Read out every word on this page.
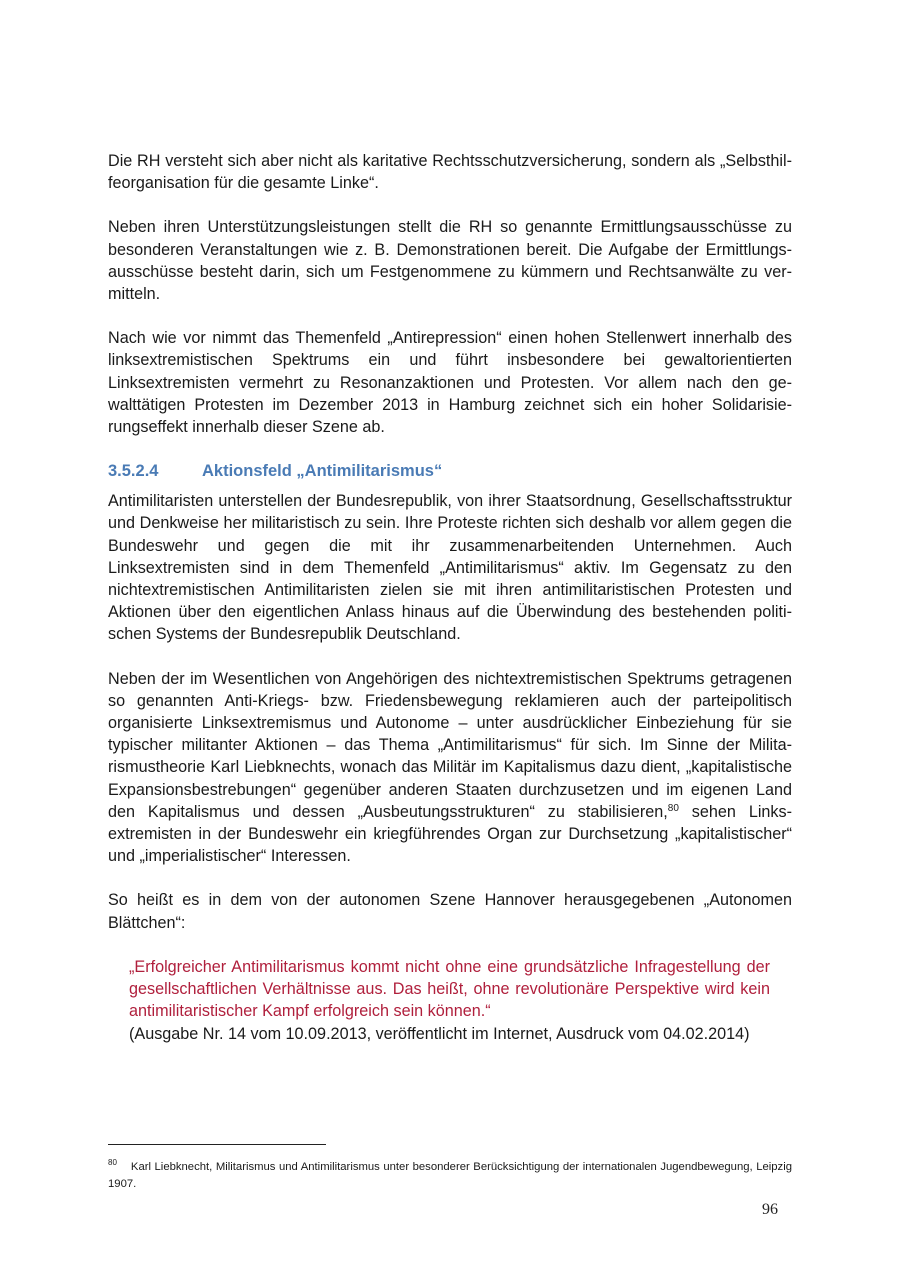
Die RH versteht sich aber nicht als karitative Rechtsschutzversicherung, sondern als „Selbsthilfeorganisation für die gesamte Linke“.

Neben ihren Unterstützungsleistungen stellt die RH so genannte Ermittlungsausschüsse zu besonderen Veranstaltungen wie z. B. Demonstrationen bereit. Die Aufgabe der Ermittlungsausschüsse besteht darin, sich um Festgenommene zu kümmern und Rechtsanwälte zu vermitteln.

Nach wie vor nimmt das Themenfeld „Antirepression“ einen hohen Stellenwert innerhalb des linksextremistischen Spektrums ein und führt insbesondere bei gewaltorientierten Linksextremisten vermehrt zu Resonanzaktionen und Protesten. Vor allem nach den gewalttätigen Protesten im Dezember 2013 in Hamburg zeichnet sich ein hoher Solidarisierungseffekt innerhalb dieser Szene ab.

3.5.2.4	Aktionsfeld „Antimilitarismus“

Antimilitaristen unterstellen der Bundesrepublik, von ihrer Staatsordnung, Gesellschaftsstruktur und Denkweise her militaristisch zu sein. Ihre Proteste richten sich deshalb vor allem gegen die Bundeswehr und gegen die mit ihr zusammenarbeitenden Unternehmen. Auch Linksextremisten sind in dem Themenfeld „Antimilitarismus“ aktiv. Im Gegensatz zu den nichtextremistischen Antimilitaristen zielen sie mit ihren antimilitaristischen Protesten und Aktionen über den eigentlichen Anlass hinaus auf die Überwindung des bestehenden politischen Systems der Bundesrepublik Deutschland.

Neben der im Wesentlichen von Angehörigen des nichtextremistischen Spektrums getragenen so genannten Anti-Kriegs- bzw. Friedensbewegung reklamieren auch der parteipolitisch organisierte Linksextremismus und Autonome – unter ausdrücklicher Einbeziehung für sie typischer militanter Aktionen – das Thema „Antimilitarismus“ für sich. Im Sinne der Militarismustheorie Karl Liebknechts, wonach das Militär im Kapitalismus dazu dient, „kapitalistische Expansionsbestrebungen“ gegenüber anderen Staaten durchzusetzen und im eigenen Land den Kapitalismus und dessen „Ausbeutungsstrukturen“ zu stabilisieren,$^{80}$ sehen Linksextremisten in der Bundeswehr ein kriegführendes Organ zur Durchsetzung „kapitalistischer“ und „imperialistischer“ Interessen.

So heißt es in dem von der autonomen Szene Hannover herausgegebenen „Autonomen Blättchen“:

„Erfolgreicher Antimilitarismus kommt nicht ohne eine grundsätzliche Infragestellung der gesellschaftlichen Verhältnisse aus. Das heißt, ohne revolutionäre Perspektive wird kein antimilitaristischer Kampf erfolgreich sein können.“

(Ausgabe Nr. 14 vom 10.09.2013, veröffentlicht im Internet, Ausdruck vom 04.02.2014)

$^{80}$ Karl Liebknecht, Militarismus und Antimilitarismus unter besonderer Berücksichtigung der internationalen Jugendbewegung, Leipzig 1907.
96
